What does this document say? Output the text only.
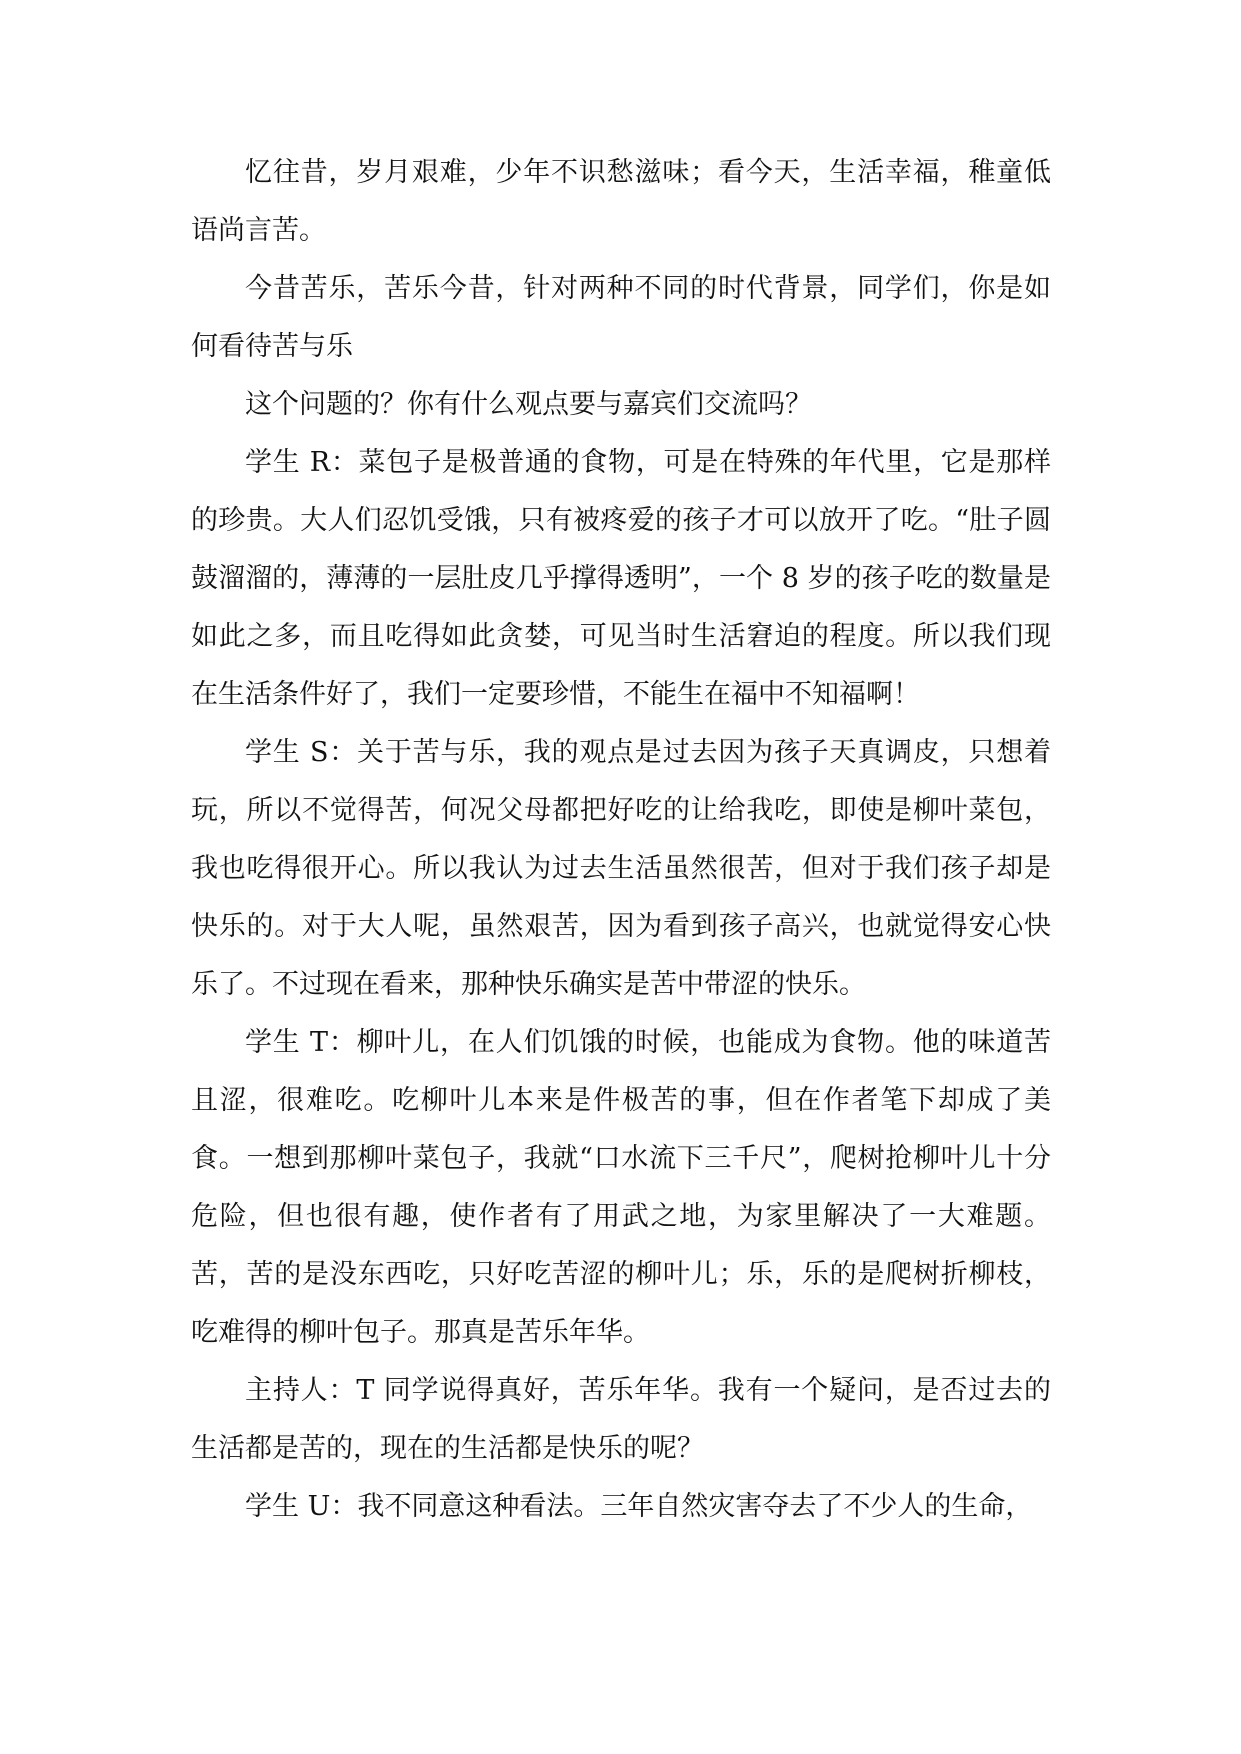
忆往昔，岁月艰难，少年不识愁滋味；看今天，生活幸福，稚童低语尚言苦。

今昔苦乐，苦乐今昔，针对两种不同的时代背景，同学们，你是如何看待苦与乐

这个问题的？你有什么观点要与嘉宾们交流吗？

学生 R：菜包子是极普通的食物，可是在特殊的年代里，它是那样的珍贵。大人们忍饥受饿，只有被疼爱的孩子才可以放开了吃。“肚子圆鼓溜溜的，薄薄的一层肚皮几乎撑得透明”，一个 8 岁的孩子吃的数量是如此之多，而且吃得如此贪婪，可见当时生活窘迫的程度。所以我们现在生活条件好了，我们一定要珍惜，不能生在福中不知福啊！

学生 S：关于苦与乐，我的观点是过去因为孩子天真调皮，只想着玩，所以不觉得苦，何况父母都把好吃的让给我吃，即使是柳叶菜包，我也吃得很开心。所以我认为过去生活虽然很苦，但对于我们孩子却是快乐的。对于大人呢，虽然艰苦，因为看到孩子高兴，也就觉得安心快乐了。不过现在看来，那种快乐确实是苦中带涩的快乐。

学生 T：柳叶儿，在人们饥饿的时候，也能成为食物。他的味道苦且涩，很难吃。吃柳叶儿本来是件极苦的事，但在作者笔下却成了美食。一想到那柳叶菜包子，我就“口水流下三千尺”，爬树抢柳叶儿十分危险，但也很有趣，使作者有了用武之地，为家里解决了一大难题。苦，苦的是没东西吃，只好吃苦涩的柳叶儿；乐，乐的是爬树折柳枝，吃难得的柳叶包子。那真是苦乐年华。

主持人：T 同学说得真好，苦乐年华。我有一个疑问，是否过去的生活都是苦的，现在的生活都是快乐的呢？

学生 U：我不同意这种看法。三年自然灾害夺去了不少人的生命，
